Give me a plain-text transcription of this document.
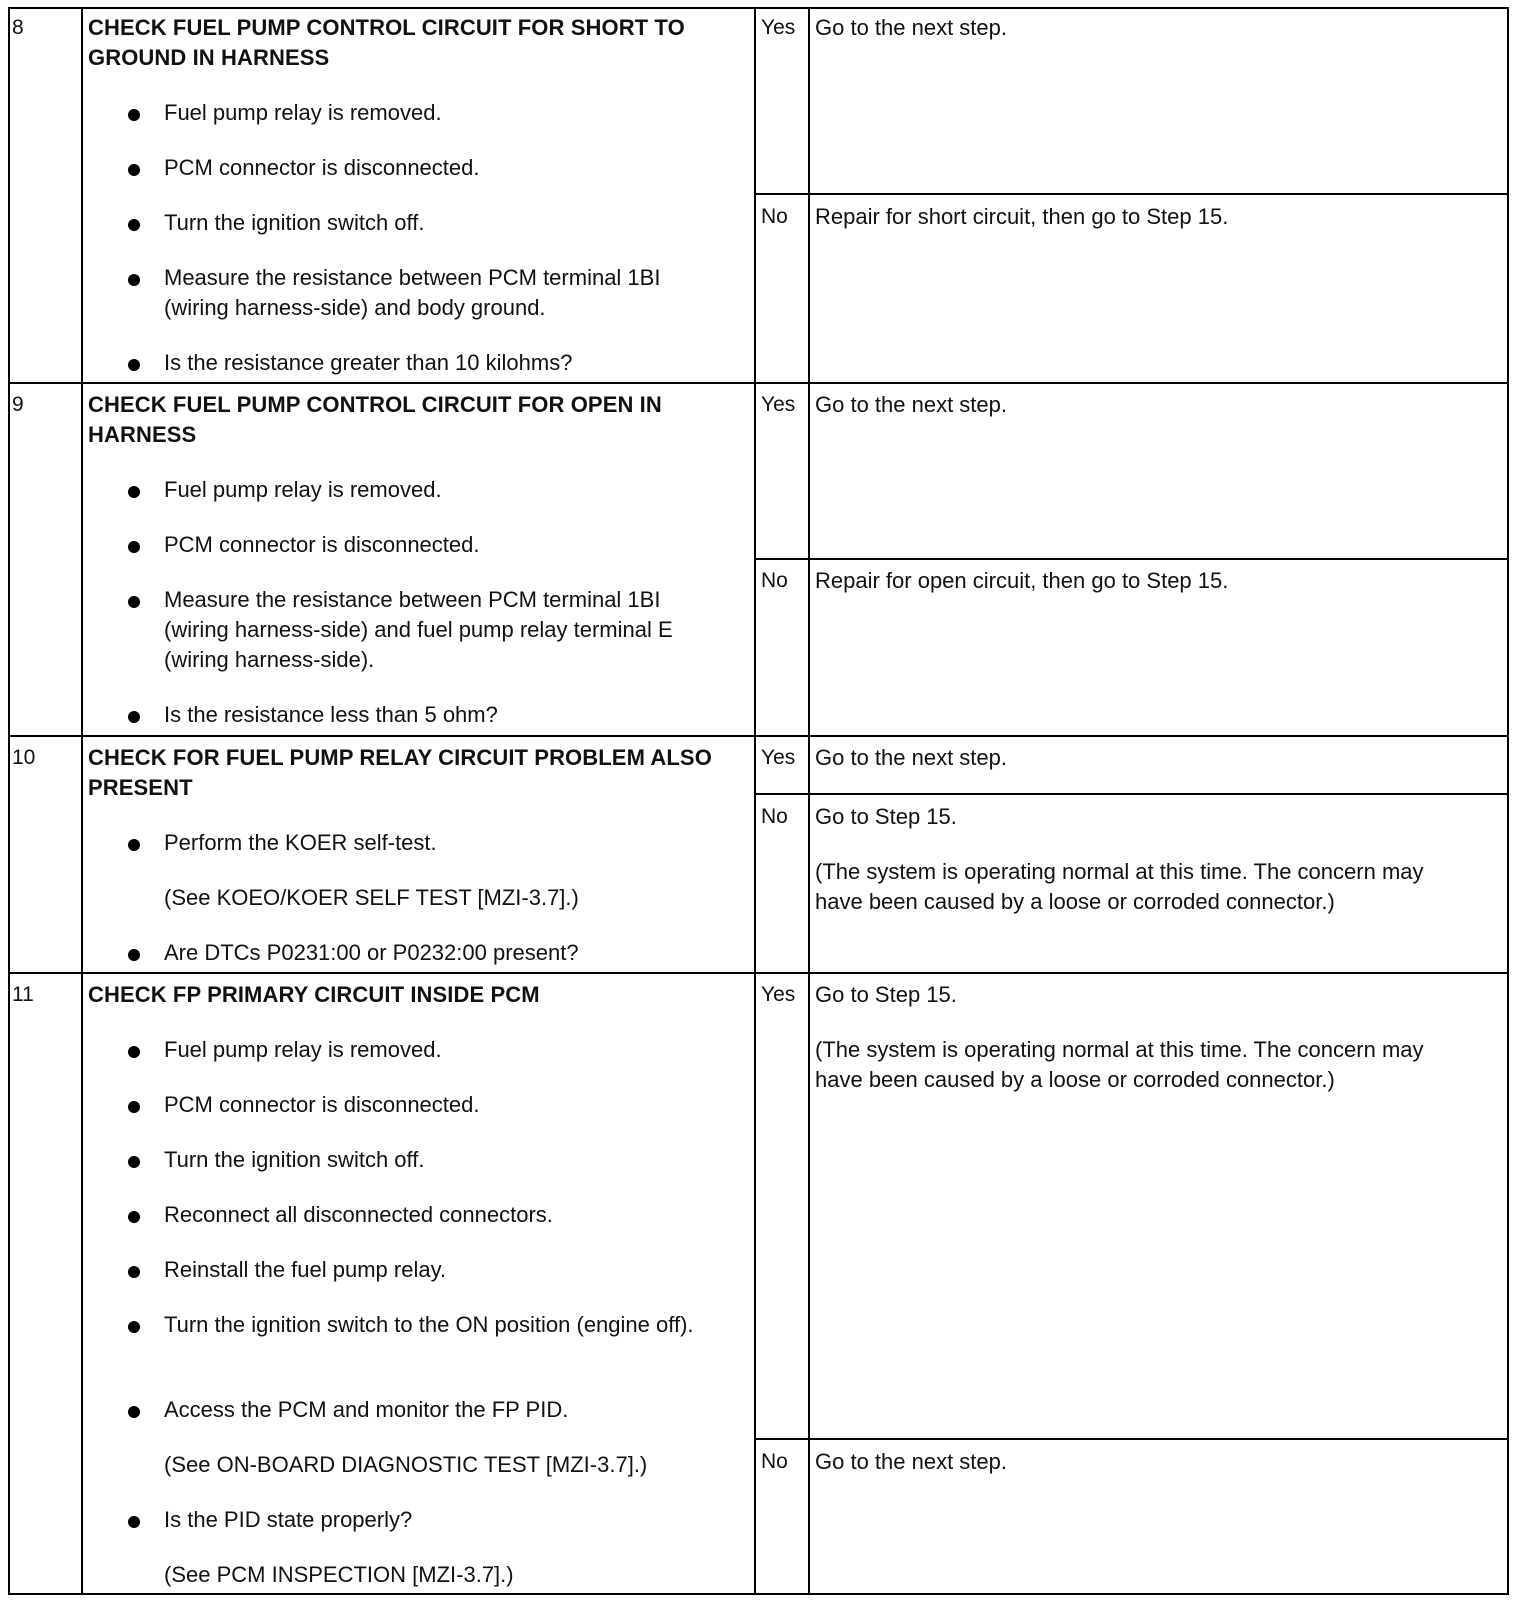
8	CHECK FUEL PUMP CONTROL CIRCUIT FOR SHORT TO GROUND IN HARNESS
Fuel pump relay is removed.
PCM connector is disconnected.
Turn the ignition switch off.
Measure the resistance between PCM terminal 1BI (wiring harness-side) and body ground.
Is the resistance greater than 10 kilohms?
Yes Go to the next step.
No Repair for short circuit, then go to Step 15.
9	CHECK FUEL PUMP CONTROL CIRCUIT FOR OPEN IN HARNESS
Fuel pump relay is removed.
PCM connector is disconnected.
Measure the resistance between PCM terminal 1BI (wiring harness-side) and fuel pump relay terminal E (wiring harness-side).
Is the resistance less than 5 ohm?
Yes Go to the next step.
No Repair for open circuit, then go to Step 15.
10 CHECK FOR FUEL PUMP RELAY CIRCUIT PROBLEM ALSO PRESENT
Perform the KOER self-test.
(See KOEO/KOER SELF TEST [MZI-3.7].)
Are DTCs P0231:00 or P0232:00 present?
Yes Go to the next step.
No Go to Step 15.
(The system is operating normal at this time. The concern may have been caused by a loose or corroded connector.)
11 CHECK FP PRIMARY CIRCUIT INSIDE PCM
Fuel pump relay is removed.
PCM connector is disconnected.
Turn the ignition switch off.
Reconnect all disconnected connectors.
Reinstall the fuel pump relay.
Turn the ignition switch to the ON position (engine off).
Access the PCM and monitor the FP PID.
(See ON-BOARD DIAGNOSTIC TEST [MZI-3.7].)
Is the PID state properly?
(See PCM INSPECTION [MZI-3.7].)
Yes Go to Step 15.
(The system is operating normal at this time. The concern may have been caused by a loose or corroded connector.)
No Go to the next step.
